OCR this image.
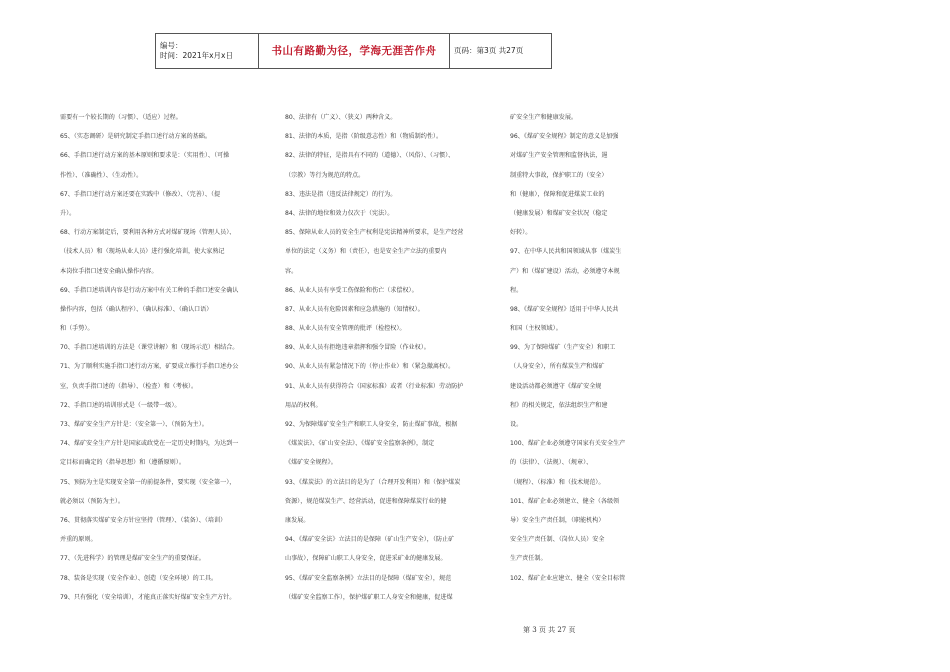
编号：
时间：2021年x月x日	书山有路勤为径，学海无涯苦作舟 页码：第3页 共27页
需要有一个较长期的（习惯）、（适应）过程。
65、（实态调研）是研究制定手指口述行动方案的基础。
66、手指口述行动方案的基本原则和要求是：（实用性）、（可操
作性）、（准确性）、（生动性）。
67、手指口述行动方案还要在实践中（修改）、（完善）、（提
升）。
68、行动方案制定后，要利用各种方式对煤矿现场（管理人员）、
（技术人员）和（现场从业人员）进行强化培训，使大家熟记
本岗位手指口述安全确认操作内容。
69、手指口述培训内容是行动方案中有关工种的手指口述安全确认
操作内容，包括（确认程序）、（确认标准）、（确认口语）
和（手势）。
70、手指口述培训的方法是（课堂讲解）和（现场示范）相结合。
71、为了顺利实施手指口述行动方案，矿要成立推行手指口述办公
室，负责手指口述的（指导）、（检查）和（考核）。
72、手指口述的培训形式是（一级带一级）。
73、煤矿安全生产方针是：（安全第一）、（预防为主）。
74、煤矿安全生产方针是国家或政党在一定历史时期内，为达到一
定目标而确定的（指导思想）和（遵循原则）。
75、预防为主是实现安全第一的前提条件，要实现（安全第一），
就必须以（预防为主）。
76、贯彻落实煤矿安全方针应坚持（管理）、（装备）、（培训）
并重的原则。
77、（先进科学）的管理是煤矿安全生产的重要保证。
78、装备是实现（安全作业）、创造（安全环境）的工具。
79、只有强化（安全培训），才能真正落实好煤矿安全生产方针。
80、法律有（广义）、（狭义）两种含义。
81、法律的本质，是指（阶级意志性）和（物质制约性）。
82、法律的特征，是指具有不同的（道德）、（风俗）、（习惯）、
（宗教）等行为规范的特点。
83、违法是指（违反法律规定）的行为。
84、法律的地位和效力仅次于（宪法）。
85、保障从业人员的安全生产权利是宪法精神所要求，是生产经营
单位的法定（义务）和（责任），也是安全生产立法的重要内
容。
86、从业人员有享受工伤保险和伤亡（求偿权）。
87、从业人员有危险因素和应急措施的（知情权）。
88、从业人员有安全管理的批评（检控权）。
89、从业人员有拒绝违章指挥和强令冒险（作业权）。
90、从业人员有紧急情况下的（停止作业）和（紧急撤离权）。
91、从业人员有获得符合（国家标准）或者（行业标准）劳动防护
用品的权利。
92、为保障煤矿安全生产和职工人身安全，防止煤矿事故，根据
《煤炭法》、《矿山安全法》、《煤矿安全监察条例》，制定
《煤矿安全规程》。
93、《煤炭法》的立法目的是为了（合理开发利用）和（保护煤炭
资源），规范煤炭生产、经营活动，促进和保障煤炭行业的健
康发展。
94、《煤矿安全法》立法目的是保障（矿山生产安全），（防止矿
山事故），保障矿山职工人身安全，促进采矿业的健康发展。
95、《煤矿安全监察条例》立法目的是保障（煤矿安全），规范
（煤矿安全监察工作），保护煤矿职工人身安全和健康，促进煤
矿安全生产和健康发展。
96、《煤矿安全规程》制定的意义是加强
对煤矿生产安全管理和监督执法，遏
制重特大事故，保护职工的（安全）
和（健康），保障和促进煤炭工业的
（健康发展）和煤矿安全状况（稳定
好转）。
97、在中华人民共和国领域从事（煤炭生
产）和（煤矿建设）活动，必须遵守本规
程。
98、《煤矿安全规程》适用于中华人民共
和国（主权领域）。
99、为了保障煤矿（生产安全）和职工
（人身安全），所有煤炭生产和煤矿
建设活动都必须遵守《煤矿安全规
程》的相关规定，依法组织生产和建
设。
100、煤矿企业必须遵守国家有关安全生产
的（法律）、（法规）、（规章）、
（规程）、（标准）和（技术规范）。
101、煤矿企业必须建立、健全（各级领
导）安全生产责任制，（职能机构）
安全生产责任制、（岗位人员）安全
生产责任制。
102、煤矿企业应建立、健全（安全目标管
第 3 页 共 27 页
